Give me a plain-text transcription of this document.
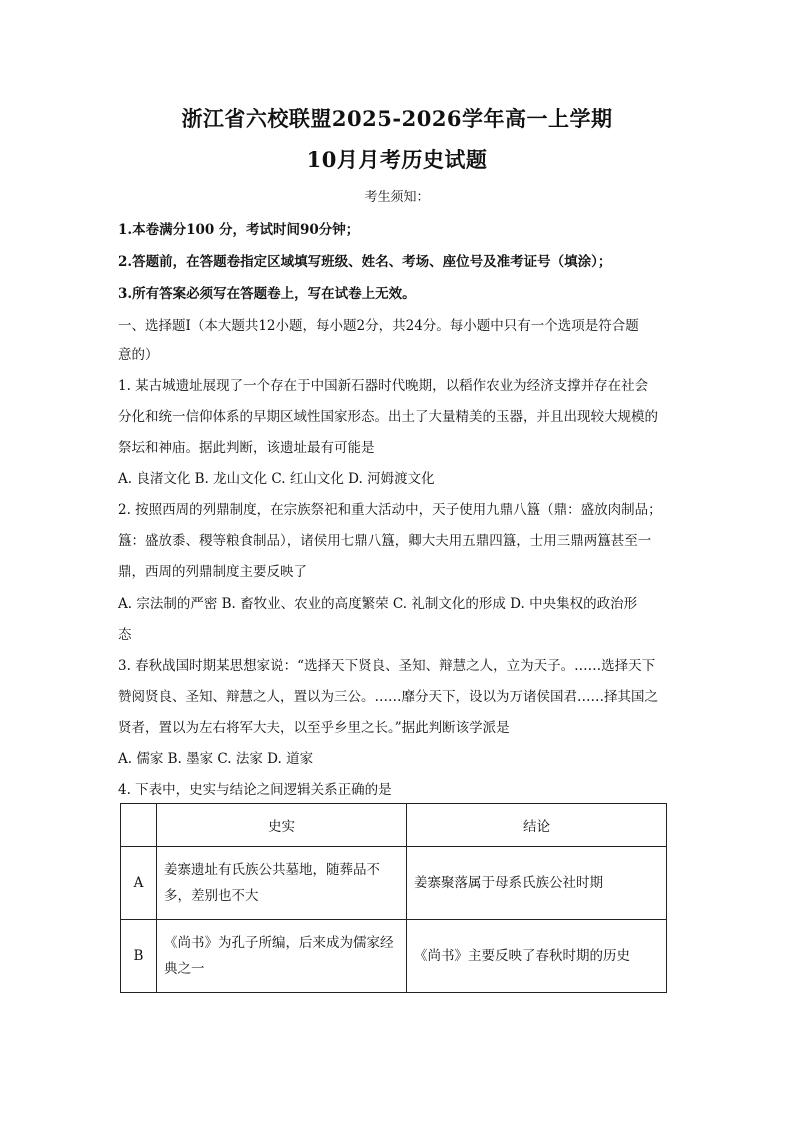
浙江省六校联盟2025-2026学年高一上学期
10月月考历史试题
考生须知：
1.本卷满分100 分，考试时间90分钟；
2.答题前，在答题卷指定区域填写班级、姓名、考场、座位号及准考证号（填涂）；
3.所有答案必须写在答题卷上，写在试卷上无效。
一、选择题Ⅰ（本大题共12小题，每小题2分，共24分。每小题中只有一个选项是符合题
意的）
1. 某古城遗址展现了一个存在于中国新石器时代晚期，以稻作农业为经济支撑并存在社会
分化和统一信仰体系的早期区域性国家形态。出土了大量精美的玉器，并且出现较大规模的
祭坛和神庙。据此判断，该遗址最有可能是
A. 良渚文化 B. 龙山文化 C. 红山文化 D. 河姆渡文化
2. 按照西周的列鼎制度，在宗族祭祀和重大活动中，天子使用九鼎八簋（鼎：盛放肉制品；
簋：盛放黍、稷等粮食制品），诸侯用七鼎八簋，卿大夫用五鼎四簋，士用三鼎两簋甚至一
鼎，西周的列鼎制度主要反映了
A. 宗法制的严密 B. 畜牧业、农业的高度繁荣 C. 礼制文化的形成 D. 中央集权的政治形
态
3. 春秋战国时期某思想家说：“选择天下贤良、圣知、辩慧之人，立为天子。……选择天下
赞阅贤良、圣知、辩慧之人，置以为三公。……靡分天下，设以为万诸侯国君……择其国之
贤者，置以为左右将军大夫，以至乎乡里之长。”据此判断该学派是
A. 儒家 B. 墨家 C. 法家 D. 道家
4. 下表中，史实与结论之间逻辑关系正确的是
	史实	结论
A	姜寨遗址有氏族公共墓地，随葬品不多，差别也不大	姜寨聚落属于母系氏族公社时期
B	《尚书》为孔子所编，后来成为儒家经典之一	《尚书》主要反映了春秋时期的历史
